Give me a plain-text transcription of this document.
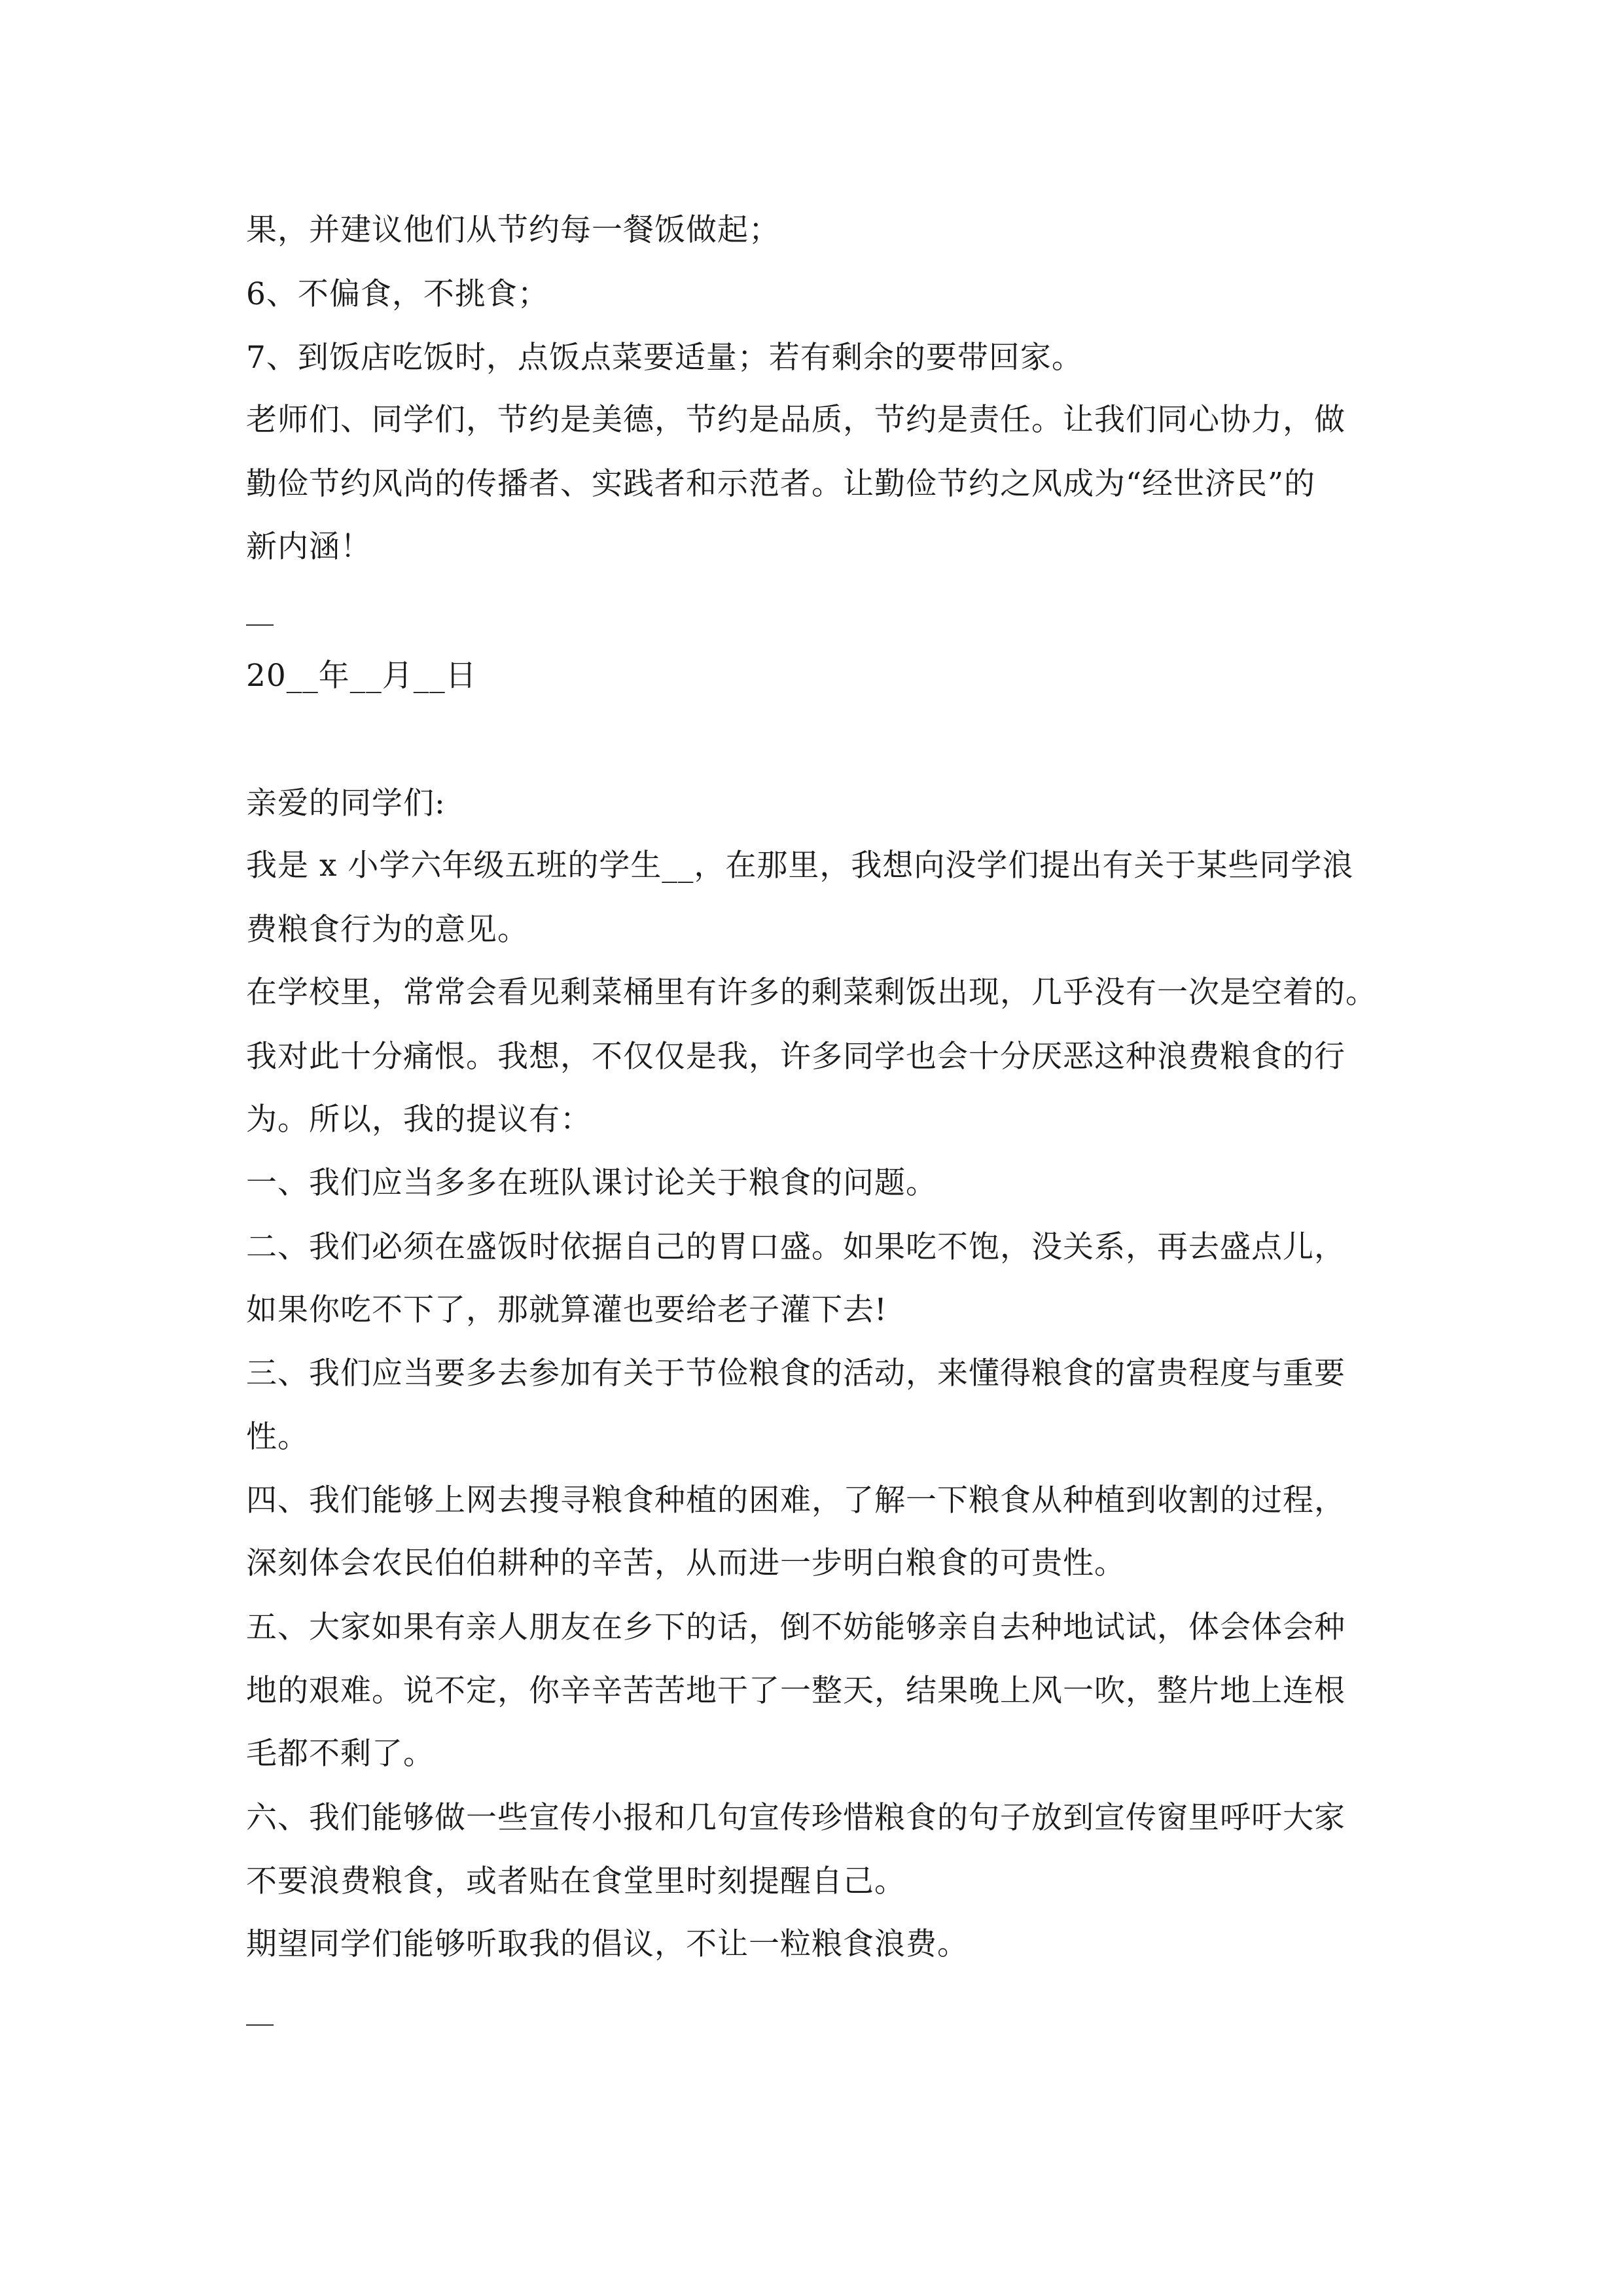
果，并建议他们从节约每一餐饭做起；
6、不偏食，不挑食；
7、到饭店吃饭时，点饭点菜要适量；若有剩余的要带回家。
老师们、同学们，节约是美德，节约是品质，节约是责任。让我们同心协力，做
勤俭节约风尚的传播者、实践者和示范者。让勤俭节约之风成为“经世济民”的
新内涵！
20__年__月__日
亲爱的同学们:
我是 x 小学六年级五班的学生__，在那里，我想向没学们提出有关于某些同学浪
费粮食行为的意见。
在学校里，常常会看见剩菜桶里有许多的剩菜剩饭出现，几乎没有一次是空着的。
我对此十分痛恨。我想，不仅仅是我，许多同学也会十分厌恶这种浪费粮食的行
为。所以，我的提议有：
一、我们应当多多在班队课讨论关于粮食的问题。
二、我们必须在盛饭时依据自己的胃口盛。如果吃不饱，没关系，再去盛点儿，
如果你吃不下了，那就算灌也要给老子灌下去!
三、我们应当要多去参加有关于节俭粮食的活动，来懂得粮食的富贵程度与重要
性。
四、我们能够上网去搜寻粮食种植的困难，了解一下粮食从种植到收割的过程，
深刻体会农民伯伯耕种的辛苦，从而进一步明白粮食的可贵性。
五、大家如果有亲人朋友在乡下的话，倒不妨能够亲自去种地试试，体会体会种
地的艰难。说不定，你辛辛苦苦地干了一整天，结果晚上风一吹，整片地上连根
毛都不剩了。
六、我们能够做一些宣传小报和几句宣传珍惜粮食的句子放到宣传窗里呼吁大家
不要浪费粮食，或者贴在食堂里时刻提醒自己。
期望同学们能够听取我的倡议，不让一粒粮食浪费。
